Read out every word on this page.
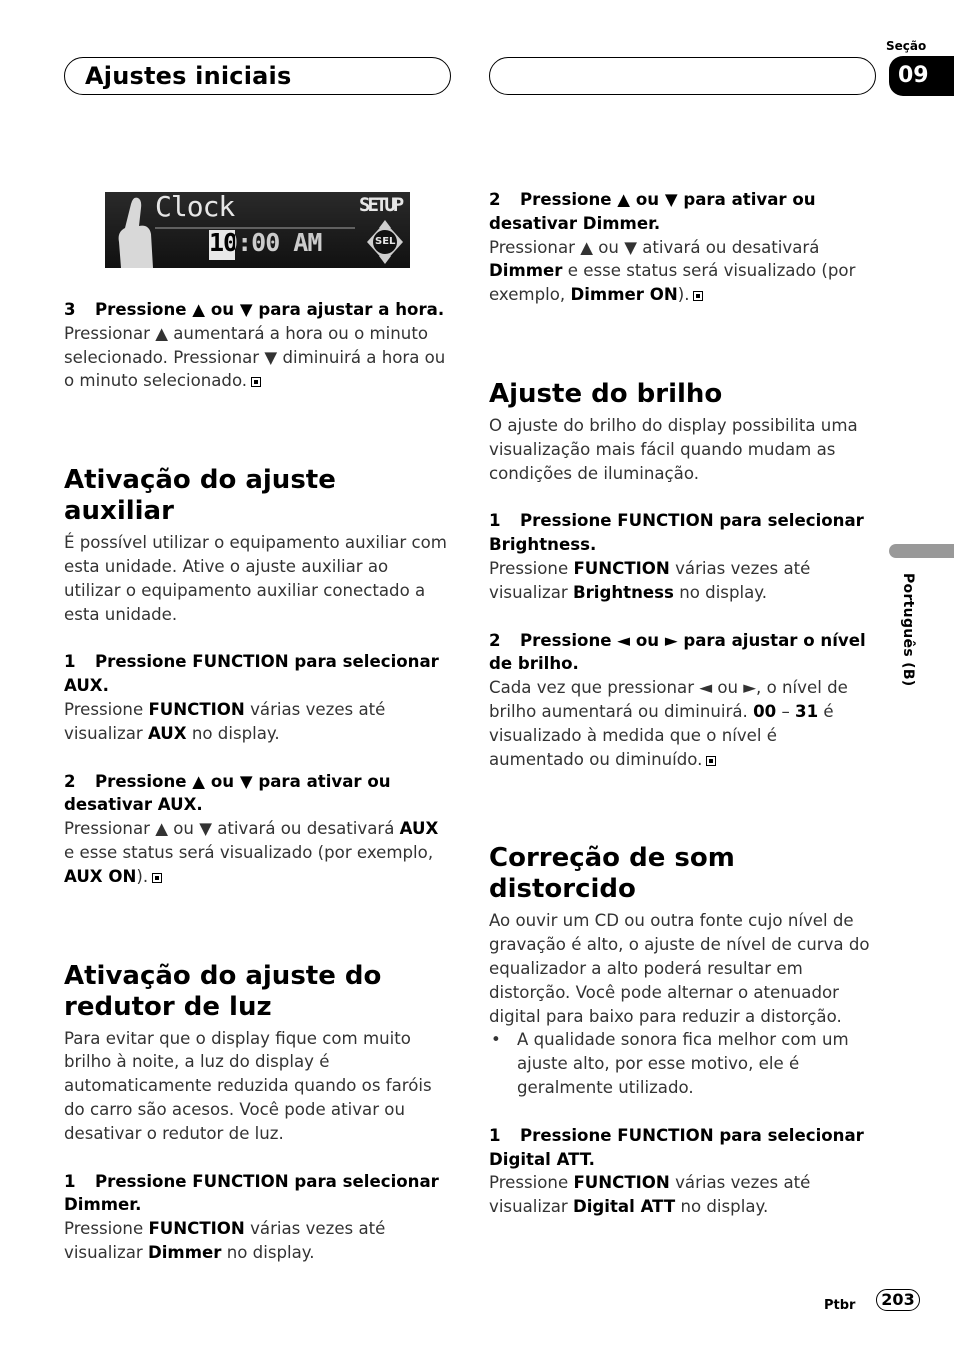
Ajustes iniciais
Seção
09
Português (B)
Clock	SETUP
10:00 AM	SEL

3 Pressione ▲ ou ▼ para ajustar a hora.

Pressionar ▲ aumentará a hora ou o minuto selecionado. Pressionar ▼ diminuirá a hora ou o minuto selecionado.

Ativação do ajuste auxiliar

É possível utilizar o equipamento auxiliar com esta unidade. Ative o ajuste auxiliar ao utilizar o equipamento auxiliar conectado a esta unidade.

1 Pressione FUNCTION para selecionar AUX.

Pressione FUNCTION várias vezes até visualizar AUX no display.

2 Pressione ▲ ou ▼ para ativar ou desativar AUX.

Pressionar ▲ ou ▼ ativará ou desativará AUX e esse status será visualizado (por exemplo, AUX ON).

Ativação do ajuste do redutor de luz

Para evitar que o display fique com muito brilho à noite, a luz do display é automaticamente reduzida quando os faróis do carro são acesos. Você pode ativar ou desativar o redutor de luz.

1 Pressione FUNCTION para selecionar Dimmer.

Pressione FUNCTION várias vezes até visualizar Dimmer no display.

2 Pressione ▲ ou ▼ para ativar ou desativar Dimmer.

Pressionar ▲ ou ▼ ativará ou desativará Dimmer e esse status será visualizado (por exemplo, Dimmer ON).

Ajuste do brilho

O ajuste do brilho do display possibilita uma visualização mais fácil quando mudam as condições de iluminação.

1 Pressione FUNCTION para selecionar Brightness.

Pressione FUNCTION várias vezes até visualizar Brightness no display.

2 Pressione ◄ ou ► para ajustar o nível de brilho.

Cada vez que pressionar ◄ ou ►, o nível de brilho aumentará ou diminuirá. 00 – 31 é visualizado à medida que o nível é aumentado ou diminuído.

Correção de som distorcido

Ao ouvir um CD ou outra fonte cujo nível de gravação é alto, o ajuste de nível de curva do equalizador a alto poderá resultar em distorção. Você pode alternar o atenuador digital para baixo para reduzir a distorção.

• A qualidade sonora fica melhor com um ajuste alto, por esse motivo, ele é geralmente utilizado.

1 Pressione FUNCTION para selecionar Digital ATT.

Pressione FUNCTION várias vezes até visualizar Digital ATT no display.

Ptbr	203
